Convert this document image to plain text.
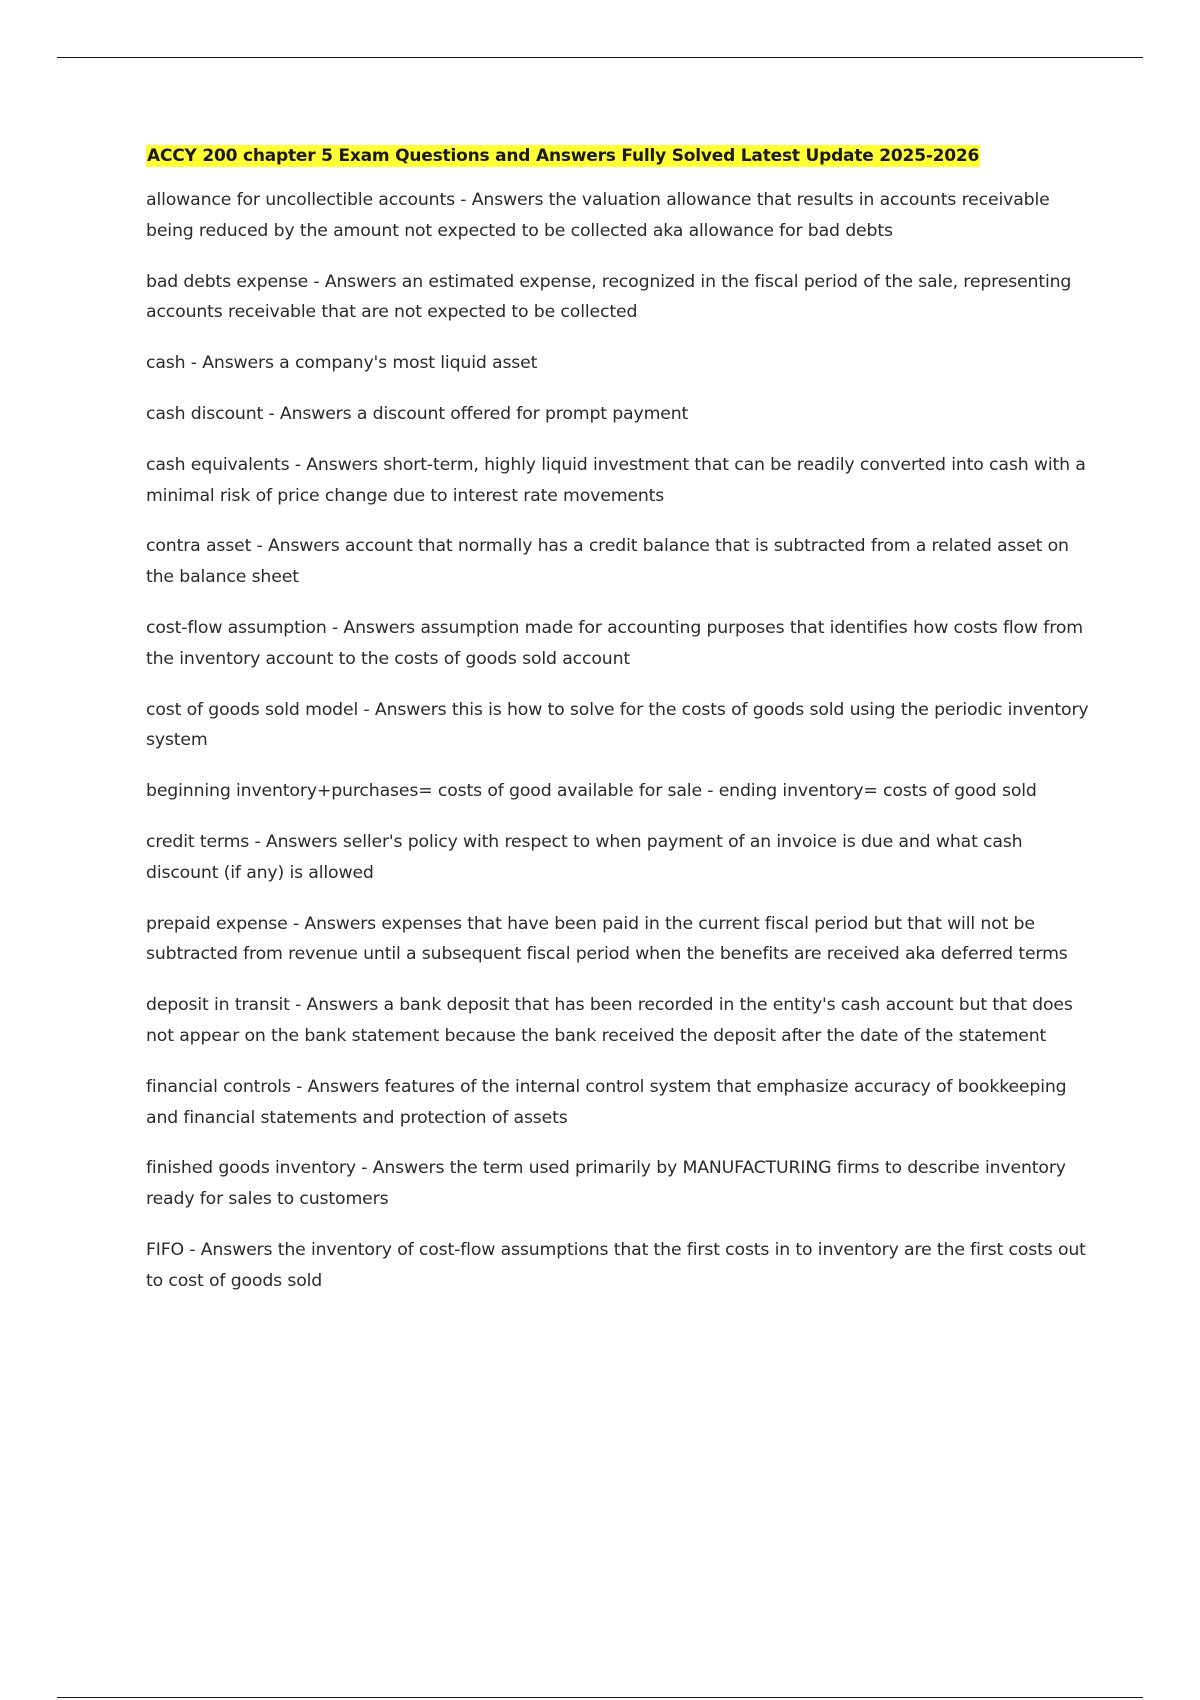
ACCY 200 chapter 5 Exam Questions and Answers Fully Solved Latest Update 2025-2026
allowance for uncollectible accounts - Answers the valuation allowance that results in accounts receivable being reduced by the amount not expected to be collected aka allowance for bad debts
bad debts expense - Answers an estimated expense, recognized in the fiscal period of the sale, representing accounts receivable that are not expected to be collected
cash - Answers a company's most liquid asset
cash discount - Answers a discount offered for prompt payment
cash equivalents - Answers short-term, highly liquid investment that can be readily converted into cash with a minimal risk of price change due to interest rate movements
contra asset - Answers account that normally has a credit balance that is subtracted from a related asset on the balance sheet
cost-flow assumption - Answers assumption made for accounting purposes that identifies how costs flow from the inventory account to the costs of goods sold account
cost of goods sold model - Answers this is how to solve for the costs of goods sold using the periodic inventory system
beginning inventory+purchases= costs of good available for sale - ending inventory= costs of good sold
credit terms - Answers seller's policy with respect to when payment of an invoice is due and what cash discount (if any) is allowed
prepaid expense - Answers expenses that have been paid in the current fiscal period but that will not be subtracted from revenue until a subsequent fiscal period when the benefits are received aka deferred terms
deposit in transit - Answers a bank deposit that has been recorded in the entity's cash account but that does not appear on the bank statement because the bank received the deposit after the date of the statement
financial controls - Answers features of the internal control system that emphasize accuracy of bookkeeping and financial statements and protection of assets
finished goods inventory - Answers the term used primarily by MANUFACTURING firms to describe inventory ready for sales to customers
FIFO - Answers the inventory of cost-flow assumptions that the first costs in to inventory are the first costs out to cost of goods sold
